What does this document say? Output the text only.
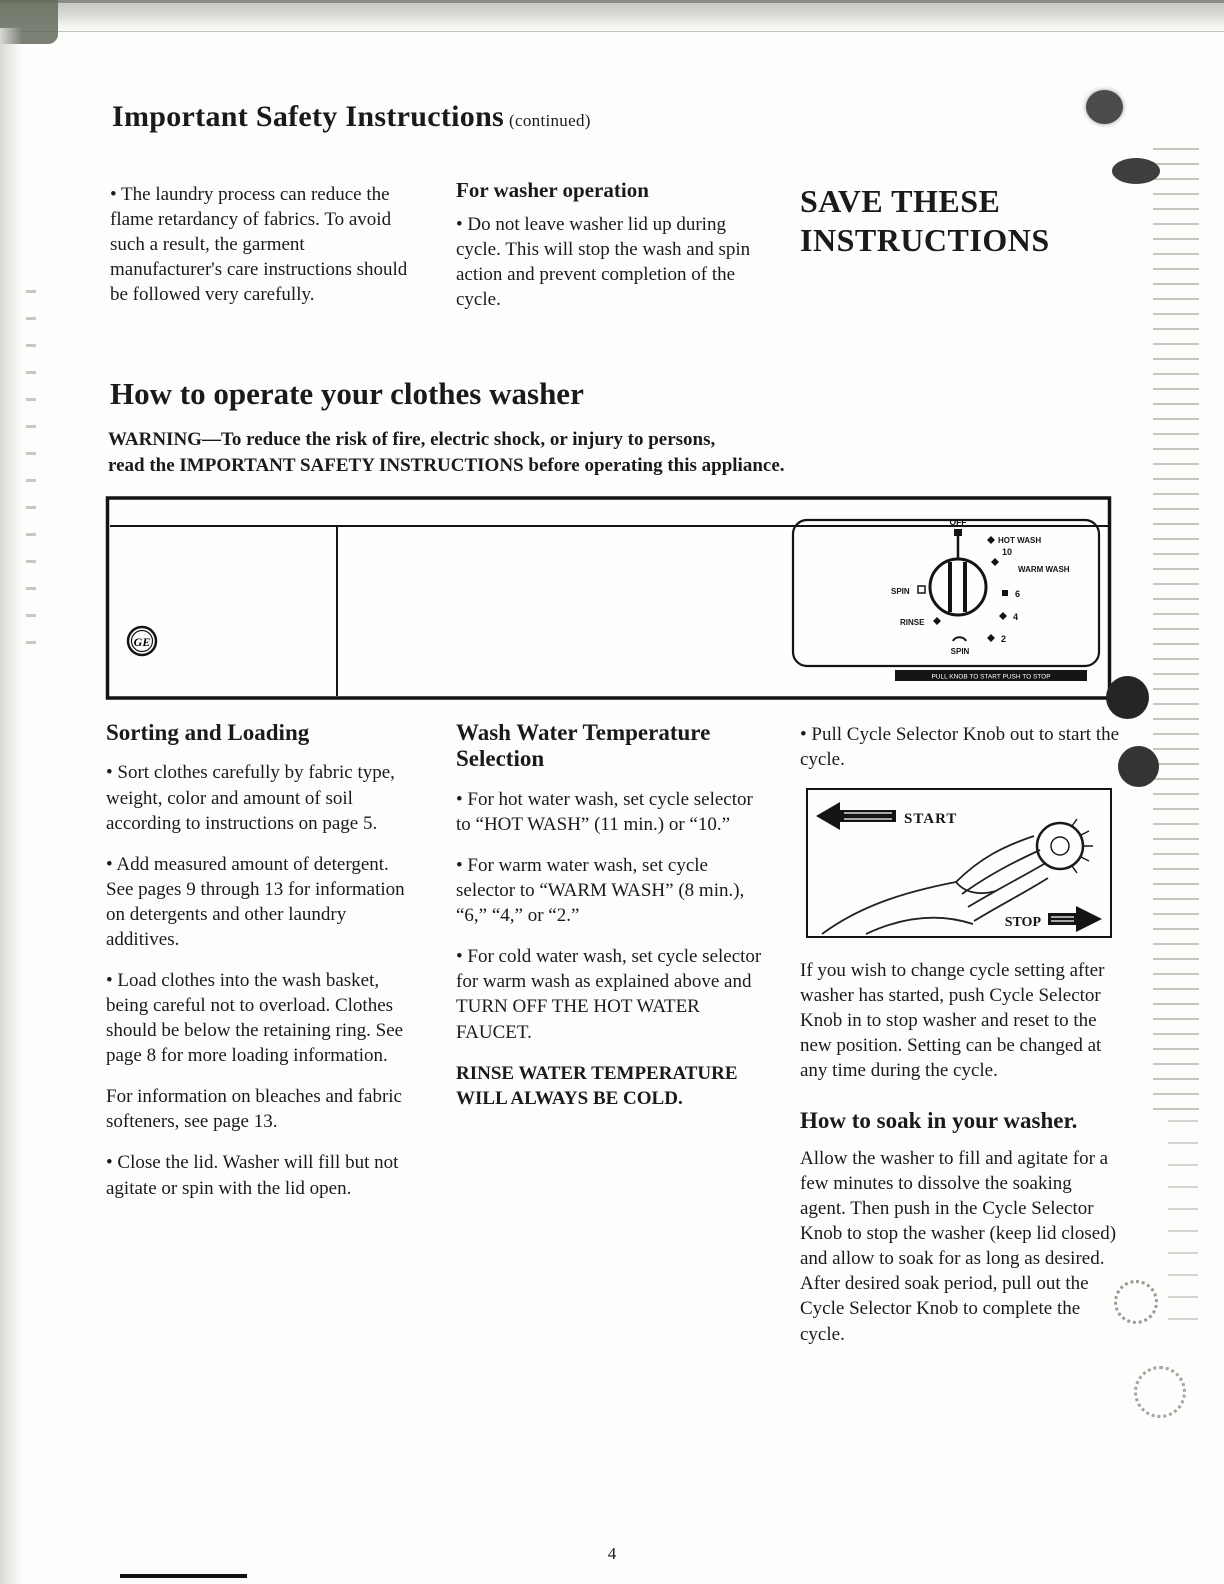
Important Safety Instructions (continued)

• The laundry process can reduce the flame retardancy of fabrics. To avoid such a result, the garment manufacturer's care instructions should be followed very carefully.

For washer operation

• Do not leave washer lid up during cycle. This will stop the wash and spin action and prevent completion of the cycle.

SAVE THESE INSTRUCTIONS
How to operate your clothes washer
WARNING—To reduce the risk of fire, electric shock, or injury to persons,
read the IMPORTANT SAFETY INSTRUCTIONS before operating this appliance.
GE
OFF
HOT WASH
10
WARM WASH
6
4
2
SPIN
RINSE
SPIN
PULL KNOB TO START PUSH TO STOP
Sorting and Loading

• Sort clothes carefully by fabric type, weight, color and amount of soil according to instructions on page 5.

• Add measured amount of detergent. See pages 9 through 13 for information on detergents and other laundry additives.

• Load clothes into the wash basket, being careful not to overload. Clothes should be below the retaining ring. See page 8 for more loading information.

For information on bleaches and fabric softeners, see page 13.

• Close the lid. Washer will fill but not agitate or spin with the lid open.

Wash Water Temperature Selection

• For hot water wash, set cycle selector to “HOT WASH” (11 min.) or “10.”

• For warm water wash, set cycle selector to “WARM WASH” (8 min.), “6,” “4,” or “2.”

• For cold water wash, set cycle selector for warm wash as explained above and TURN OFF THE HOT WATER FAUCET.

RINSE WATER TEMPERATURE WILL ALWAYS BE COLD.

• Pull Cycle Selector Knob out to start the cycle.

START
STOP

If you wish to change cycle setting after washer has started, push Cycle Selector Knob in to stop washer and reset to the new position. Setting can be changed at any time during the cycle.

How to soak in your washer.

Allow the washer to fill and agitate for a few minutes to dissolve the soaking agent. Then push in the Cycle Selector Knob to stop the washer (keep lid closed) and allow to soak for as long as desired. After desired soak period, pull out the Cycle Selector Knob to complete the cycle.

4
